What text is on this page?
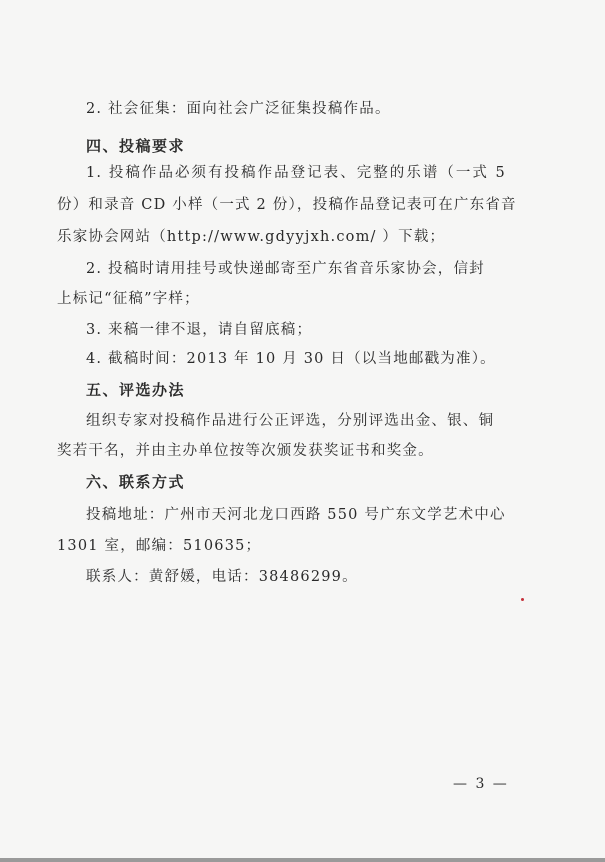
2. 社会征集：面向社会广泛征集投稿作品。
四、投稿要求
1. 投稿作品必须有投稿作品登记表、完整的乐谱（一式 5
份）和录音 CD 小样（一式 2 份），投稿作品登记表可在广东省音
乐家协会网站（http://www.gdyyjxh.com/ ）下载；
2. 投稿时请用挂号或快递邮寄至广东省音乐家协会，信封
上标记“征稿”字样；
3. 来稿一律不退，请自留底稿；
4. 截稿时间：2013 年 10 月 30 日（以当地邮戳为准）。
五、评选办法
组织专家对投稿作品进行公正评选，分别评选出金、银、铜
奖若干名，并由主办单位按等次颁发获奖证书和奖金。
六、联系方式
投稿地址：广州市天河北龙口西路 550 号广东文学艺术中心
1301 室，邮编：510635；
联系人：黄舒媛，电话：38486299。
— 3 —
